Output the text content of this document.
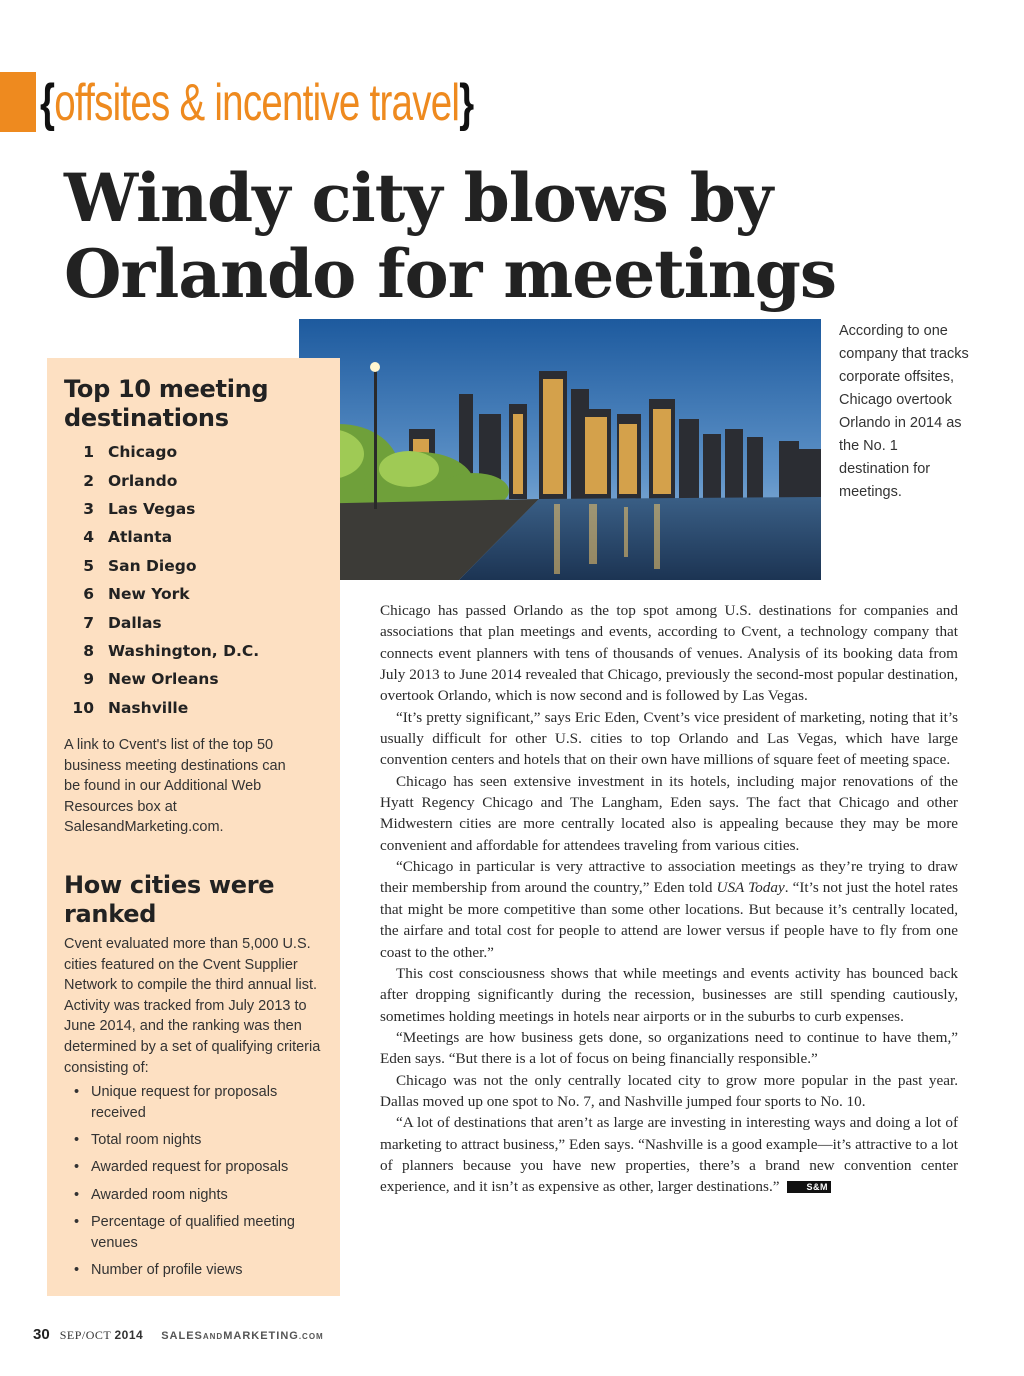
{offsites & incentive travel}
Windy city blows by Orlando for meetings

According to one company that tracks corporate offsites, Chicago overtook Orlando in 2014 as the No. 1 destination for meetings.

Top 10 meeting destinations
1 Chicago
2 Orlando
3 Las Vegas
4 Atlanta
5 San Diego
6 New York
7 Dallas
8 Washington, D.C.
9 New Orleans
10 Nashville

A link to Cvent's list of the top 50 business meeting destinations can be found in our Additional Web Resources box at SalesandMarketing.com.

How cities were ranked

Cvent evaluated more than 5,000 U.S. cities featured on the Cvent Supplier Network to compile the third annual list. Activity was tracked from July 2013 to June 2014, and the ranking was then determined by a set of qualifying criteria consisting of:

• Unique request for proposals received
• Total room nights
• Awarded request for proposals
• Awarded room nights
• Percentage of qualified meeting venues
• Number of profile views

Chicago has passed Orlando as the top spot among U.S. destinations for companies and associations that plan meetings and events, according to Cvent, a technology company that connects event planners with tens of thousands of venues. Analysis of its booking data from July 2013 to June 2014 revealed that Chicago, previously the second-most popular destination, overtook Orlando, which is now second and is followed by Las Vegas.

“It’s pretty significant,” says Eric Eden, Cvent’s vice president of marketing, noting that it’s usually difficult for other U.S. cities to top Orlando and Las Vegas, which have large convention centers and hotels that on their own have millions of square feet of meeting space.

Chicago has seen extensive investment in its hotels, including major renovations of the Hyatt Regency Chicago and The Langham, Eden says. The fact that Chicago and other Midwestern cities are more centrally located also is appealing because they may be more convenient and affordable for attendees traveling from various cities.

“Chicago in particular is very attractive to association meetings as they’re trying to draw their membership from around the country,” Eden told USA Today. “It’s not just the hotel rates that might be more competitive than some other locations. But because it’s centrally located, the airfare and total cost for people to attend are lower versus if people have to fly from one coast to the other.”

This cost consciousness shows that while meetings and events activity has bounced back after dropping significantly during the recession, businesses are still spending cautiously, sometimes holding meetings in hotels near airports or in the suburbs to curb expenses.

“Meetings are how business gets done, so organizations need to continue to have them,” Eden says. “But there is a lot of focus on being financially responsible.”

Chicago was not the only centrally located city to grow more popular in the past year. Dallas moved up one spot to No. 7, and Nashville jumped four sports to No. 10.

“A lot of destinations that aren’t as large are investing in interesting ways and doing a lot of marketing to attract business,” Eden says. “Nashville is a good example—it’s attractive to a lot of planners because you have new properties, there’s a brand new convention center experience, and it isn’t as expensive as other, larger destinations.”	S&M

30 SEP/OCT 2014 SALESANDMARKETING.COM
